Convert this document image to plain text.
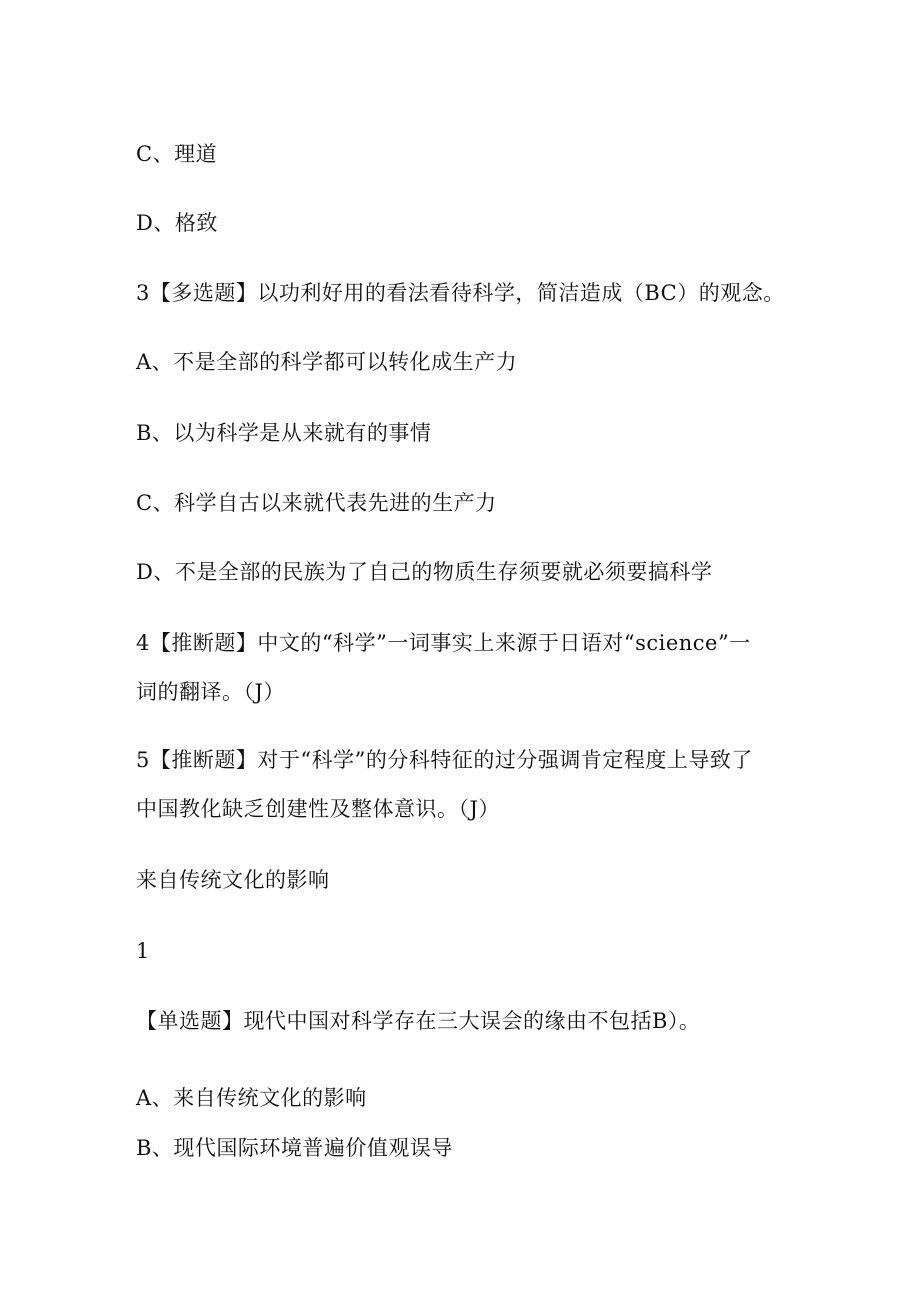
C、理道

D、格致

3【多选题】以功利好用的看法看待科学，简洁造成（BC）的观念。

A、不是全部的科学都可以转化成生产力

B、以为科学是从来就有的事情

C、科学自古以来就代表先进的生产力

D、不是全部的民族为了自己的物质生存须要就必须要搞科学

4【推断题】中文的“科学”一词事实上来源于日语对“science”一

词的翻译。（J）

5【推断题】对于“科学”的分科特征的过分强调肯定程度上导致了

中国教化缺乏创建性及整体意识。（J）

来自传统文化的影响

1

【单选题】现代中国对科学存在三大误会的缘由不包括B）。

A、来自传统文化的影响

B、现代国际环境普遍价值观误导
